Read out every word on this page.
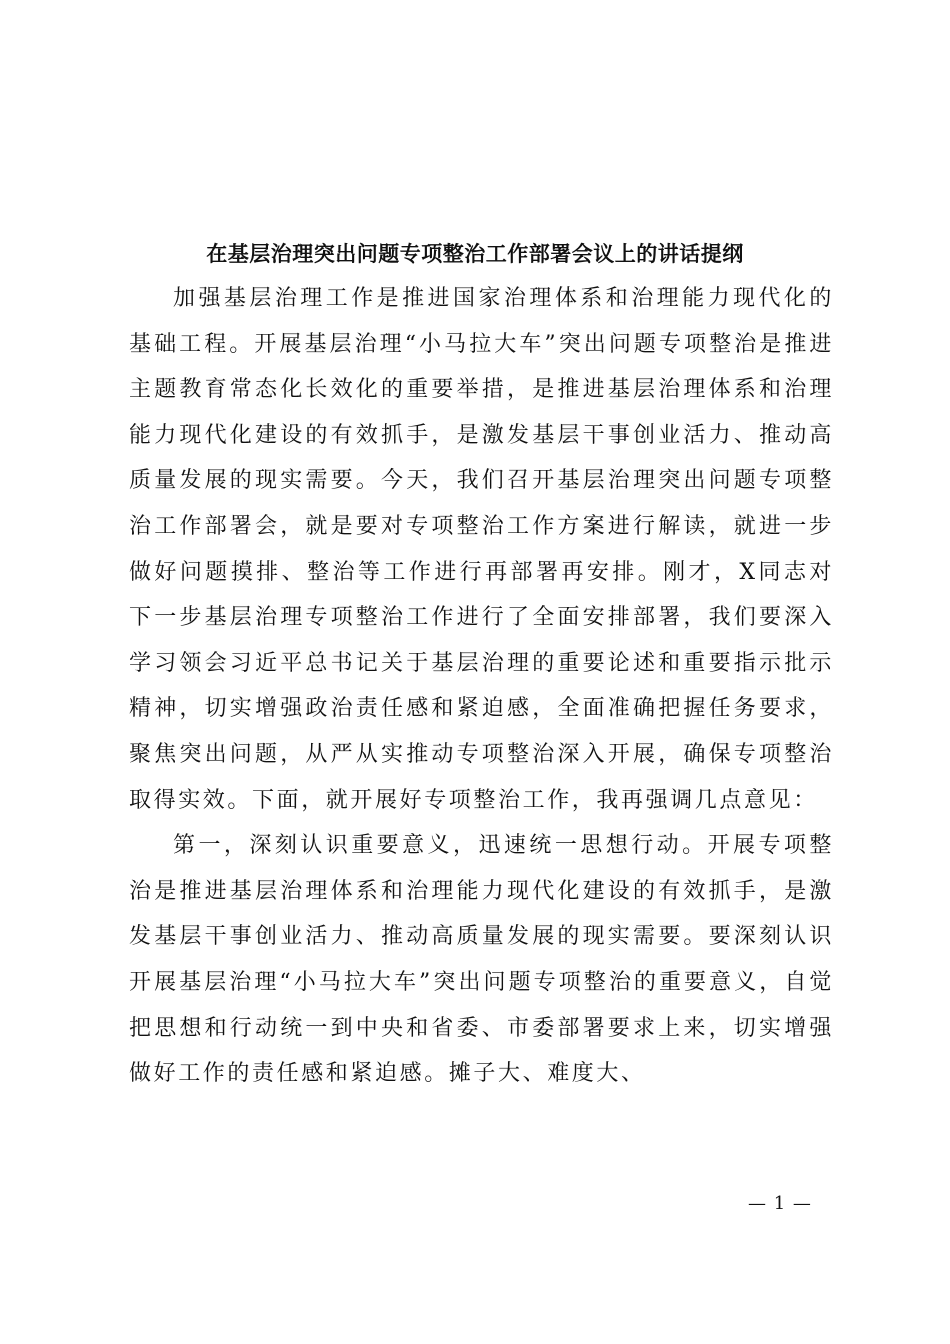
在基层治理突出问题专项整治工作部署会议上的讲话提纲

加强基层治理工作是推进国家治理体系和治理能力现代化的基础工程。开展基层治理“小马拉大车”突出问题专项整治是推进主题教育常态化长效化的重要举措，是推进基层治理体系和治理能力现代化建设的有效抓手，是激发基层干事创业活力、推动高质量发展的现实需要。今天，我们召开基层治理突出问题专项整治工作部署会，就是要对专项整治工作方案进行解读，就进一步做好问题摸排、整治等工作进行再部署再安排。刚才，X同志对下一步基层治理专项整治工作进行了全面安排部署，我们要深入学习领会习近平总书记关于基层治理的重要论述和重要指示批示精神，切实增强政治责任感和紧迫感，全面准确把握任务要求，聚焦突出问题，从严从实推动专项整治深入开展，确保专项整治取得实效。下面，就开展好专项整治工作，我再强调几点意见：

第一，深刻认识重要意义，迅速统一思想行动。开展专项整治是推进基层治理体系和治理能力现代化建设的有效抓手，是激发基层干事创业活力、推动高质量发展的现实需要。要深刻认识开展基层治理“小马拉大车”突出问题专项整治的重要意义，自觉把思想和行动统一到中央和省委、市委部署要求上来，切实增强做好工作的责任感和紧迫感。摊子大、难度大、

— 1 —
